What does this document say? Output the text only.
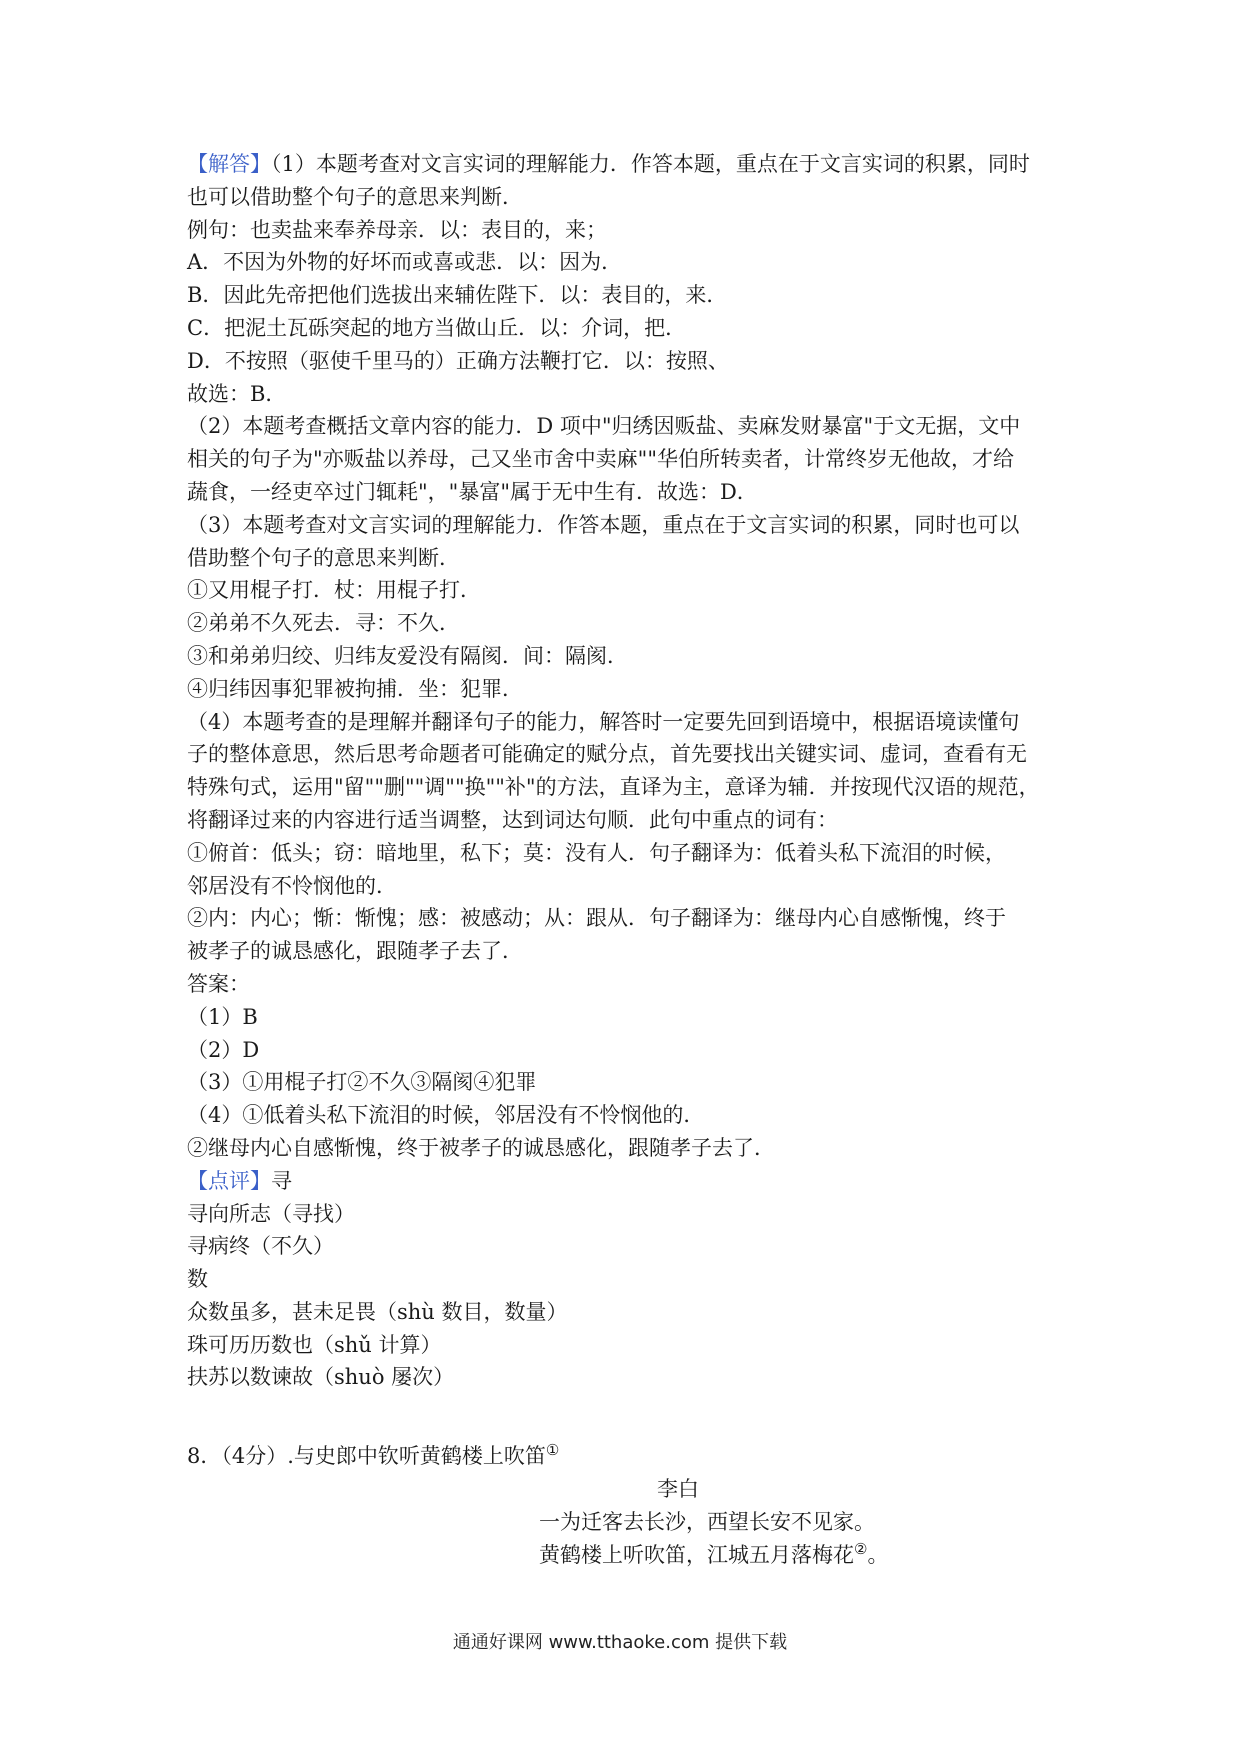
【解答】（1）本题考查对文言实词的理解能力．作答本题，重点在于文言实词的积累，同时
也可以借助整个句子的意思来判断．
例句：也卖盐来奉养母亲．以：表目的，来；
A．不因为外物的好坏而或喜或悲．以：因为．
B．因此先帝把他们选拔出来辅佐陛下．以：表目的，来．
C．把泥土瓦砾突起的地方当做山丘．以：介词，把．
D．不按照（驱使千里马的）正确方法鞭打它．以：按照、
故选：B．
（2）本题考查概括文章内容的能力．D 项中"归绣因贩盐、卖麻发财暴富"于文无据，文中
相关的句子为"亦贩盐以养母，己又坐市舍中卖麻""华伯所转卖者，计常终岁无他故，才给
蔬食，一经吏卒过门辄耗"，"暴富"属于无中生有．故选：D．
（3）本题考查对文言实词的理解能力．作答本题，重点在于文言实词的积累，同时也可以
借助整个句子的意思来判断．
①又用棍子打．杖：用棍子打．
②弟弟不久死去．寻：不久．
③和弟弟归绞、归纬友爱没有隔阂．间：隔阂．
④归纬因事犯罪被拘捕．坐：犯罪．
（4）本题考查的是理解并翻译句子的能力，解答时一定要先回到语境中，根据语境读懂句
子的整体意思，然后思考命题者可能确定的赋分点，首先要找出关键实词、虚词，查看有无
特殊句式，运用"留""删""调""换""补"的方法，直译为主，意译为辅．并按现代汉语的规范，
将翻译过来的内容进行适当调整，达到词达句顺．此句中重点的词有：
①俯首：低头；窃：暗地里，私下；莫：没有人．句子翻译为：低着头私下流泪的时候，
邻居没有不怜悯他的．
②内：内心；惭：惭愧；感：被感动；从：跟从．句子翻译为：继母内心自感惭愧，终于
被孝子的诚恳感化，跟随孝子去了．
答案：
（1）B
（2）D
（3）①用棍子打②不久③隔阂④犯罪
（4）①低着头私下流泪的时候，邻居没有不怜悯他的．
②继母内心自感惭愧，终于被孝子的诚恳感化，跟随孝子去了．
【点评】寻
寻向所志（寻找）
寻病终（不久）
数
众数虽多，甚未足畏（shù 数目，数量）
珠可历历数也（shǔ 计算）
扶苏以数谏故（shuò 屡次）
8．（4分）.与史郎中钦听黄鹤楼上吹笛①
李白
一为迁客去长沙，西望长安不见家。
黄鹤楼上听吹笛，江城五月落梅花②。
通通好课网 www.tthaoke.com 提供下载
